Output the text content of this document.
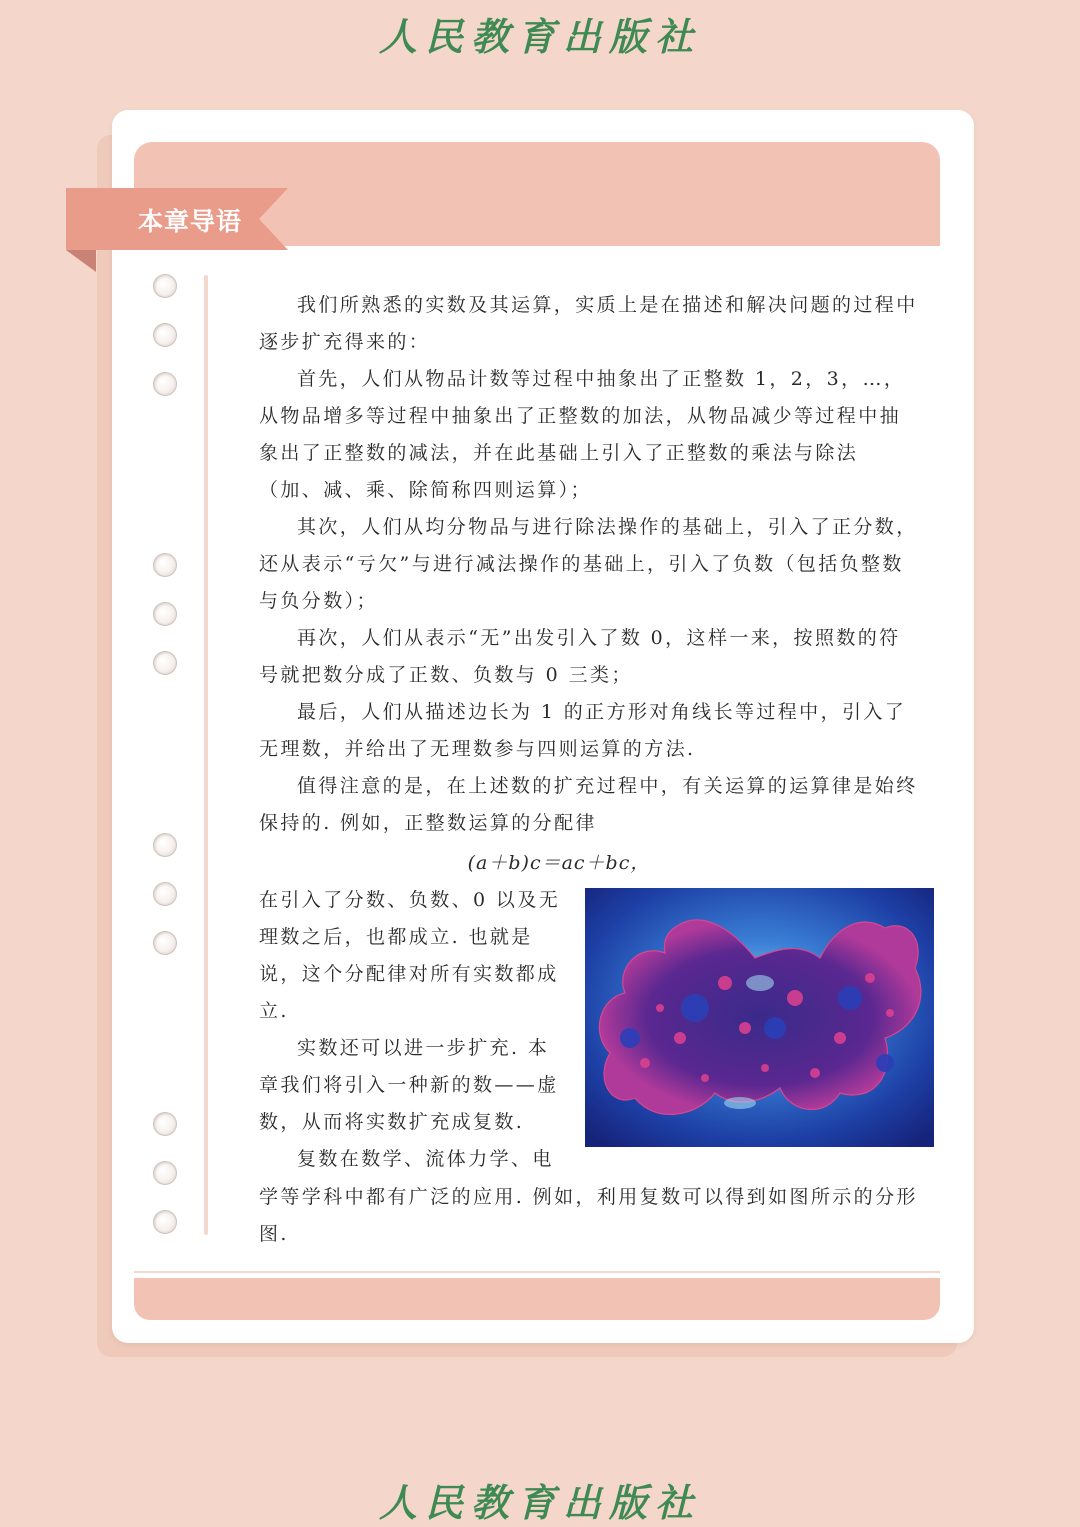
人民教育出版社
本章导语

我们所熟悉的实数及其运算，实质上是在描述和解决问题的过程中逐步扩充得来的：

首先，人们从物品计数等过程中抽象出了正整数 1，2，3，…，从物品增多等过程中抽象出了正整数的加法，从物品减少等过程中抽象出了正整数的减法，并在此基础上引入了正整数的乘法与除法（加、减、乘、除简称四则运算）；

其次，人们从均分物品与进行除法操作的基础上，引入了正分数，还从表示“亏欠”与进行减法操作的基础上，引入了负数（包括负整数与负分数）；

再次，人们从表示“无”出发引入了数 0，这样一来，按照数的符号就把数分成了正数、负数与 0 三类；

最后，人们从描述边长为 1 的正方形对角线长等过程中，引入了无理数，并给出了无理数参与四则运算的方法.

值得注意的是，在上述数的扩充过程中，有关运算的运算律是始终保持的. 例如，正整数运算的分配律

(a＋b)c＝ac＋bc，

在引入了分数、负数、0 以及无理数之后，也都成立. 也就是说，这个分配律对所有实数都成立.

实数还可以进一步扩充. 本章我们将引入一种新的数——虚数，从而将实数扩充成复数.

复数在数学、流体力学、电

学等学科中都有广泛的应用. 例如，利用复数可以得到如图所示的分形图.

人民教育出版社
